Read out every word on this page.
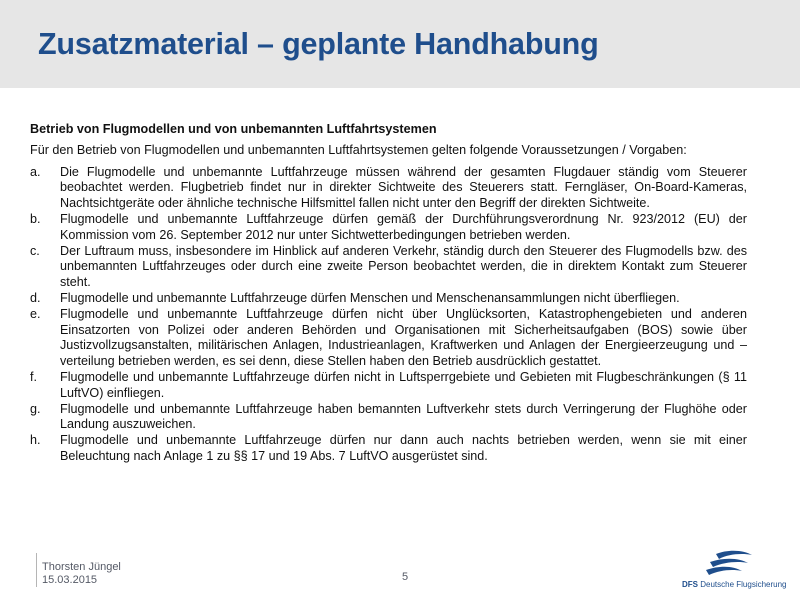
Zusatzmaterial – geplante Handhabung
Betrieb von Flugmodellen und von unbemannten Luftfahrtsystemen
Für den Betrieb von Flugmodellen und unbemannten Luftfahrtsystemen gelten folgende Voraussetzungen / Vorgaben:
a.	Die Flugmodelle und unbemannte Luftfahrzeuge müssen während der gesamten Flugdauer ständig vom Steuerer beobachtet werden. Flugbetrieb findet nur in direkter Sichtweite des Steuerers statt. Ferngläser, On-Board-Kameras, Nachtsichtgeräte oder ähnliche technische Hilfsmittel fallen nicht unter den Begriff der direkten Sichtweite.
b.	Flugmodelle und unbemannte Luftfahrzeuge dürfen gemäß der Durchführungsverordnung Nr. 923/2012 (EU) der Kommission vom 26. September 2012 nur unter Sichtwetterbedingungen betrieben werden.
c.	Der Luftraum muss, insbesondere im Hinblick auf anderen Verkehr, ständig durch den Steuerer des Flugmodells bzw. des unbemannten Luftfahrzeuges oder durch eine zweite Person beobachtet werden, die in direktem Kontakt zum Steuerer steht.
d.	Flugmodelle und unbemannte Luftfahrzeuge dürfen Menschen und Menschenansammlungen nicht überfliegen.
e.	Flugmodelle und unbemannte Luftfahrzeuge dürfen nicht über Unglücksorten, Katastrophengebieten und anderen Einsatzorten von Polizei oder anderen Behörden und Organisationen mit Sicherheitsaufgaben (BOS) sowie über Justizvollzugsanstalten, militärischen Anlagen, Industrieanlagen, Kraftwerken und Anlagen der Energieerzeugung und –verteilung betrieben werden, es sei denn, diese Stellen haben den Betrieb ausdrücklich gestattet.
f.	Flugmodelle und unbemannte Luftfahrzeuge dürfen nicht in Luftsperrgebiete und Gebieten mit Flugbeschränkungen (§ 11 LuftVO) einfliegen.
g.	Flugmodelle und unbemannte Luftfahrzeuge haben bemannten Luftverkehr stets durch Verringerung der Flughöhe oder Landung auszuweichen.
h.	Flugmodelle und unbemannte Luftfahrzeuge dürfen nur dann auch nachts betrieben werden, wenn sie mit einer Beleuchtung nach Anlage 1 zu §§ 17 und 19 Abs. 7 LuftVO ausgerüstet sind.
Thorsten Jüngel
15.03.2015	5
DFS Deutsche Flugsicherung
